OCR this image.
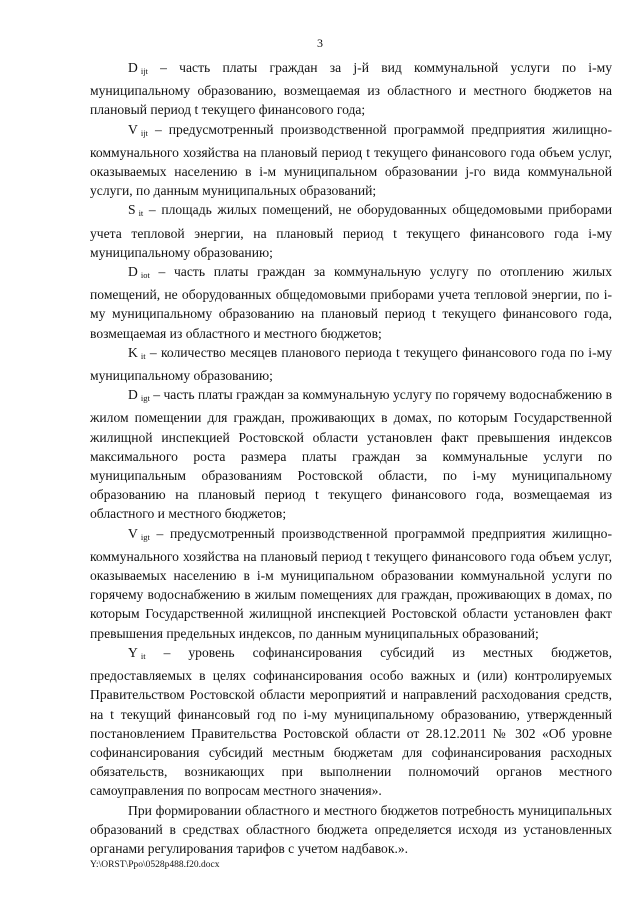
3

D $_{ijt}$ – часть платы граждан за j-й вид коммунальной услуги по i-му муниципальному образованию, возмещаемая из областного и местного бюджетов на плановый период t текущего финансового года;

V $_{ijt}$ – предусмотренный производственной программой предприятия жилищно-коммунального хозяйства на плановый период t текущего финансового года объем услуг, оказываемых населению в i-м муниципальном образовании j-го вида коммунальной услуги, по данным муниципальных образований;

S $_{it}$ – площадь жилых помещений, не оборудованных общедомовыми приборами учета тепловой энергии, на плановый период t текущего финансового года i-му муниципальному образованию;

D $_{iot}$ – часть платы граждан за коммунальную услугу по отоплению жилых помещений, не оборудованных общедомовыми приборами учета тепловой энергии, по i-му муниципальному образованию на плановый период t текущего финансового года, возмещаемая из областного и местного бюджетов;

K $_{it}$ – количество месяцев планового периода t текущего финансового года по i-му муниципальному образованию;

D $_{igt}$ – часть платы граждан за коммунальную услугу по горячему водоснабжению в жилом помещении для граждан, проживающих в домах, по которым Государственной жилищной инспекцией Ростовской области установлен факт превышения индексов максимального роста размера платы граждан за коммунальные услуги по муниципальным образованиям Ростовской области, по i-му муниципальному образованию на плановый период t текущего финансового года, возмещаемая из областного и местного бюджетов;

V $_{igt}$ – предусмотренный производственной программой предприятия жилищно-коммунального хозяйства на плановый период t текущего финансового года объем услуг, оказываемых населению в i-м муниципальном образовании коммунальной услуги по горячему водоснабжению в жилым помещениях для граждан, проживающих в домах, по которым Государственной жилищной инспекцией Ростовской области установлен факт превышения предельных индексов, по данным муниципальных образований;

Y $_{it}$ – уровень софинансирования субсидий из местных бюджетов, предоставляемых в целях софинансирования особо важных и (или) контролируемых Правительством Ростовской области мероприятий и направлений расходования средств, на t текущий финансовый год по i-му муниципальному образованию, утвержденный постановлением Правительства Ростовской области от 28.12.2011 № 302 «Об уровне софинансирования субсидий местным бюджетам для софинансирования расходных обязательств, возникающих при выполнении полномочий органов местного самоуправления по вопросам местного значения».

При формировании областного и местного бюджетов потребность муниципальных образований в средствах областного бюджета определяется исходя из установленных органами регулирования тарифов с учетом надбавок.».

Y:\ORST\Ppo\0528p488.f20.docx
